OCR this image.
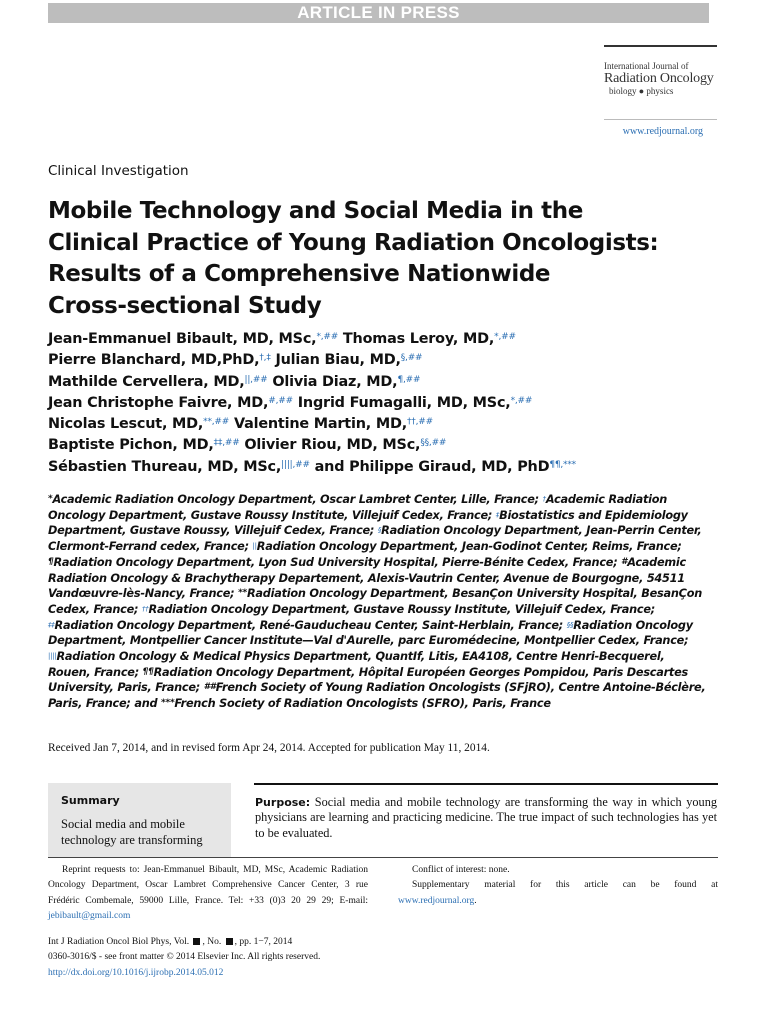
ARTICLE IN PRESS
International Journal of
Radiation Oncology
biology ● physics
www.redjournal.org
Clinical Investigation
Mobile Technology and Social Media in the
Clinical Practice of Young Radiation Oncologists:
Results of a Comprehensive Nationwide
Cross-sectional Study
Jean-Emmanuel Bibault, MD, MSc,*,## Thomas Leroy, MD,*,##
Pierre Blanchard, MD,PhD,†,‡ Julian Biau, MD,§,##
Mathilde Cervellera, MD,||,## Olivia Diaz, MD,¶,##
Jean Christophe Faivre, MD,#,## Ingrid Fumagalli, MD, MSc,*,##
Nicolas Lescut, MD,**,## Valentine Martin, MD,††,##
Baptiste Pichon, MD,‡‡,## Olivier Riou, MD, MSc,§§,##
Sébastien Thureau, MD, MSc,||||,## and Philippe Giraud, MD, PhD¶¶,***
*Academic Radiation Oncology Department, Oscar Lambret Center, Lille, France; †Academic Radiation Oncology Department, Gustave Roussy Institute, Villejuif Cedex, France; ‡Biostatistics and Epidemiology Department, Gustave Roussy, Villejuif Cedex, France; §Radiation Oncology Department, Jean-Perrin Center, Clermont-Ferrand cedex, France; ||Radiation Oncology Department, Jean-Godinot Center, Reims, France; ¶Radiation Oncology Department, Lyon Sud University Hospital, Pierre-Bénite Cedex, France; #Academic Radiation Oncology & Brachytherapy Departement, Alexis-Vautrin Center, Avenue de Bourgogne, 54511 Vandœuvre-lès-Nancy, France; **Radiation Oncology Department, BesanÇon University Hospital, BesanÇon Cedex, France; ††Radiation Oncology Department, Gustave Roussy Institute, Villejuif Cedex, France; ‡‡Radiation Oncology Department, René-Gauducheau Center, Saint-Herblain, France; §§Radiation Oncology Department, Montpellier Cancer Institute—Val d'Aurelle, parc Euromédecine, Montpellier Cedex, France; ||||Radiation Oncology & Medical Physics Department, QuantIf, Litis, EA4108, Centre Henri-Becquerel, Rouen, France; ¶¶Radiation Oncology Department, Hôpital Européen Georges Pompidou, Paris Descartes University, Paris, France; ##French Society of Young Radiation Oncologists (SFjRO), Centre Antoine-Béclère, Paris, France; and ***French Society of Radiation Oncologists (SFRO), Paris, France
Received Jan 7, 2014, and in revised form Apr 24, 2014. Accepted for publication May 11, 2014.
Summary
Social media and mobile technology are transforming
Purpose: Social media and mobile technology are transforming the way in which young physicians are learning and practicing medicine. The true impact of such technologies has yet to be evaluated.
Reprint requests to: Jean-Emmanuel Bibault, MD, MSc, Academic Radiation Oncology Department, Oscar Lambret Comprehensive Cancer Center, 3 rue Frédéric Combemale, 59000 Lille, France. Tel: +33 (0)3 20 29 29; E-mail: jebibault@gmail.com
Conflict of interest: none.
Supplementary material for this article can be found at
www.redjournal.org.
Int J Radiation Oncol Biol Phys, Vol. , No. , pp. 1−7, 2014
0360-3016/$ - see front matter © 2014 Elsevier Inc. All rights reserved.
http://dx.doi.org/10.1016/j.ijrobp.2014.05.012
